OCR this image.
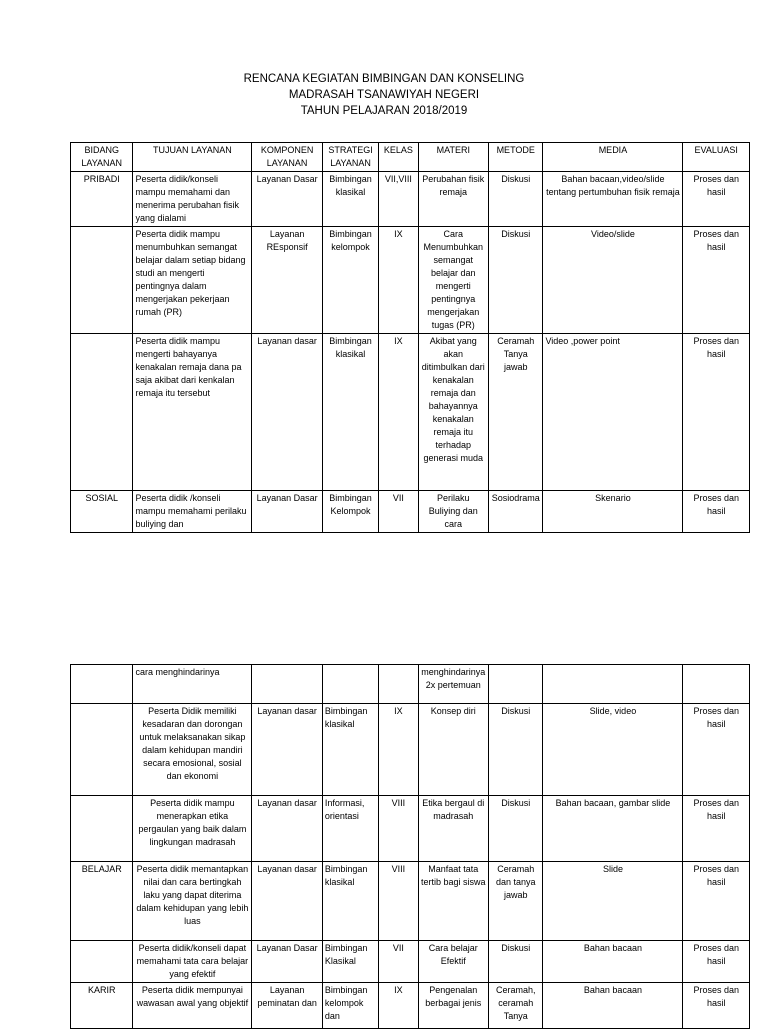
RENCANA KEGIATAN BIMBINGAN DAN KONSELING
MADRASAH TSANAWIYAH NEGERI
TAHUN PELAJARAN 2018/2019
BIDANG LAYANAN	TUJUAN LAYANAN	KOMPONEN LAYANAN	STRATEGI LAYANAN	KELAS	MATERI	METODE	MEDIA	EVALUASI
PRIBADI	Peserta didik/konseli mampu memahami dan menerima perubahan fisik yang dialami	Layanan Dasar	Bimbingan klasikal	VII,VIII	Perubahan fisik remaja	Diskusi	Bahan bacaan,video/slide tentang pertumbuhan fisik remaja	Proses dan hasil
	Peserta didik mampu menumbuhkan semangat belajar dalam setiap bidang studi an mengerti pentingnya dalam mengerjakan pekerjaan rumah (PR)	Layanan REsponsif	Bimbingan kelompok	IX	Cara Menumbuhkan semangat belajar dan mengerti pentingnya mengerjakan tugas (PR)	Diskusi	Video/slide	Proses dan hasil
	Peserta didik mampu mengerti bahayanya kenakalan remaja dana pa saja akibat dari kenkalan remaja itu tersebut	Layanan dasar	Bimbingan klasikal	IX	Akibat yang akan ditimbulkan dari kenakalan remaja dan bahayannya kenakalan remaja itu terhadap generasi muda	Ceramah Tanya jawab	Video ,power point	Proses dan hasil
SOSIAL	Peserta didik /konseli mampu memahami perilaku buliying dan	Layanan Dasar	Bimbingan Kelompok	VII	Perilaku Buliying dan cara	Sosiodrama	Skenario	Proses dan hasil
	cara menghindarinya				menghindarinya 2x pertemuan			
	Peserta Didik memiliki kesadaran dan dorongan untuk melaksanakan sikap dalam kehidupan mandiri secara emosional, sosial dan ekonomi	Layanan dasar	Bimbingan klasikal	IX	Konsep diri	Diskusi	Slide, video	Proses dan hasil
	Peserta didik mampu menerapkan etika pergaulan yang baik dalam lingkungan madrasah	Layanan dasar	Informasi, orientasi	VIII	Etika bergaul di madrasah	Diskusi	Bahan bacaan, gambar slide	Proses dan hasil
BELAJAR	Peserta didik memantapkan nilai dan cara bertingkah laku yang dapat diterima dalam kehidupan yang lebih luas	Layanan dasar	Bimbingan klasikal	VIII	Manfaat tata tertib bagi siswa	Ceramah dan tanya jawab	Slide	Proses dan hasil
	Peserta didik/konseli dapat memahami tata cara belajar yang efektif	Layanan Dasar	Bimbingan Klasikal	VII	Cara belajar Efektif	Diskusi	Bahan bacaan	Proses dan hasil
KARIR	Peserta didik mempunyai wawasan awal yang objektif	Layanan peminatan dan	Bimbingan kelompok dan	IX	Pengenalan berbagai jenis	Ceramah, ceramah Tanya	Bahan bacaan	Proses dan hasil
